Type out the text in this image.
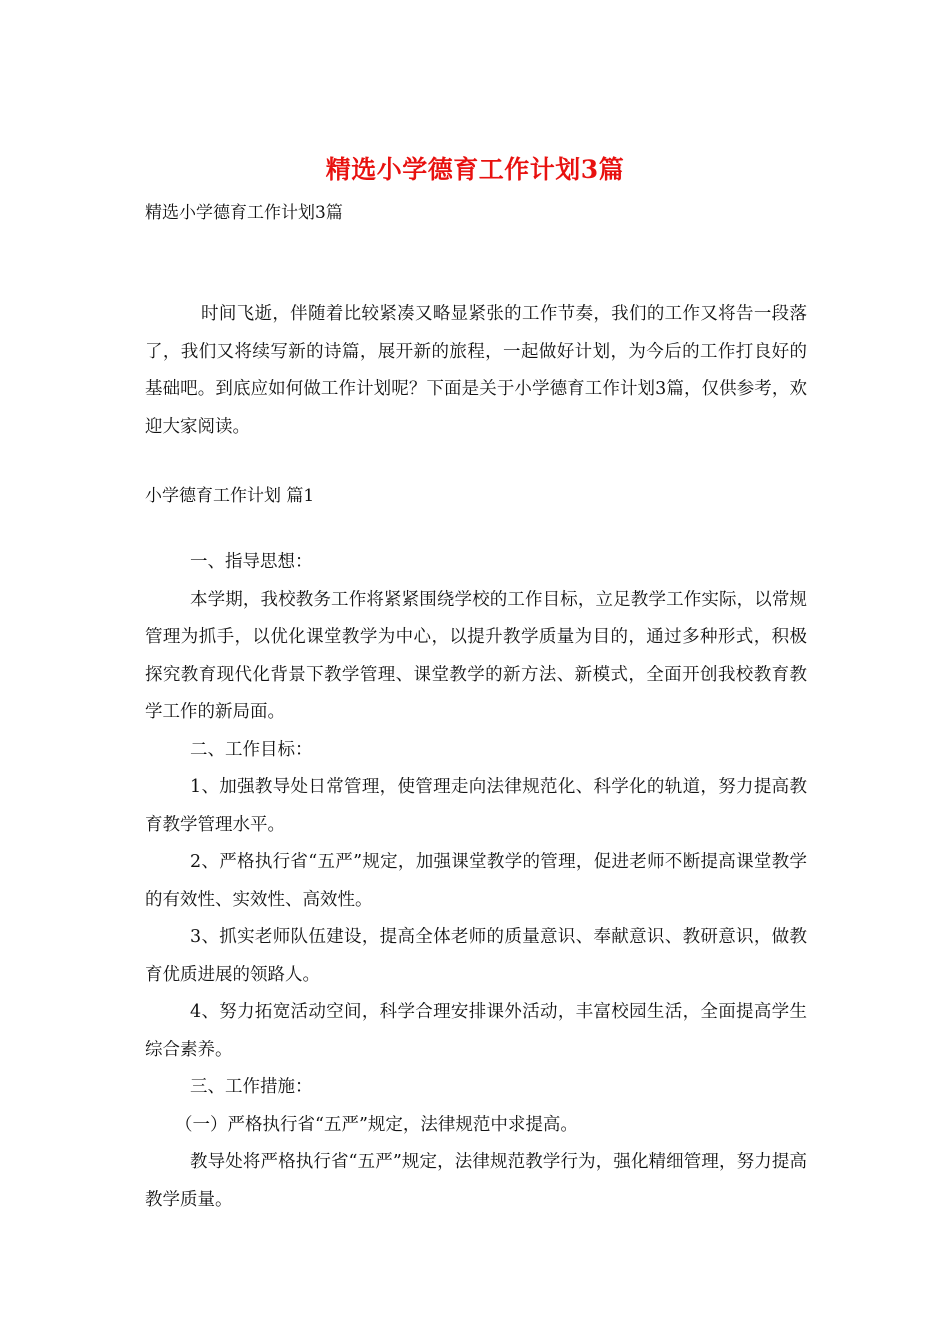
精选小学德育工作计划3篇
精选小学德育工作计划3篇

时间飞逝，伴随着比较紧凑又略显紧张的工作节奏，我们的工作又将告一段落了，我们又将续写新的诗篇，展开新的旅程，一起做好计划，为今后的工作打良好的基础吧。到底应如何做工作计划呢？下面是关于小学德育工作计划3篇，仅供参考，欢迎大家阅读。

小学德育工作计划 篇1

一、指导思想：

本学期，我校教务工作将紧紧围绕学校的工作目标，立足教学工作实际，以常规管理为抓手，以优化课堂教学为中心，以提升教学质量为目的，通过多种形式，积极探究教育现代化背景下教学管理、课堂教学的新方法、新模式，全面开创我校教育教学工作的新局面。

二、工作目标：

1、加强教导处日常管理，使管理走向法律规范化、科学化的轨道，努力提高教育教学管理水平。

2、严格执行省“五严”规定，加强课堂教学的管理，促进老师不断提高课堂教学的有效性、实效性、高效性。

3、抓实老师队伍建设，提高全体老师的质量意识、奉献意识、教研意识，做教育优质进展的领路人。

4、努力拓宽活动空间，科学合理安排课外活动，丰富校园生活，全面提高学生综合素养。

三、工作措施：

（一）严格执行省“五严”规定，法律规范中求提高。

教导处将严格执行省“五严”规定，法律规范教学行为，强化精细管理，努力提高教学质量。
